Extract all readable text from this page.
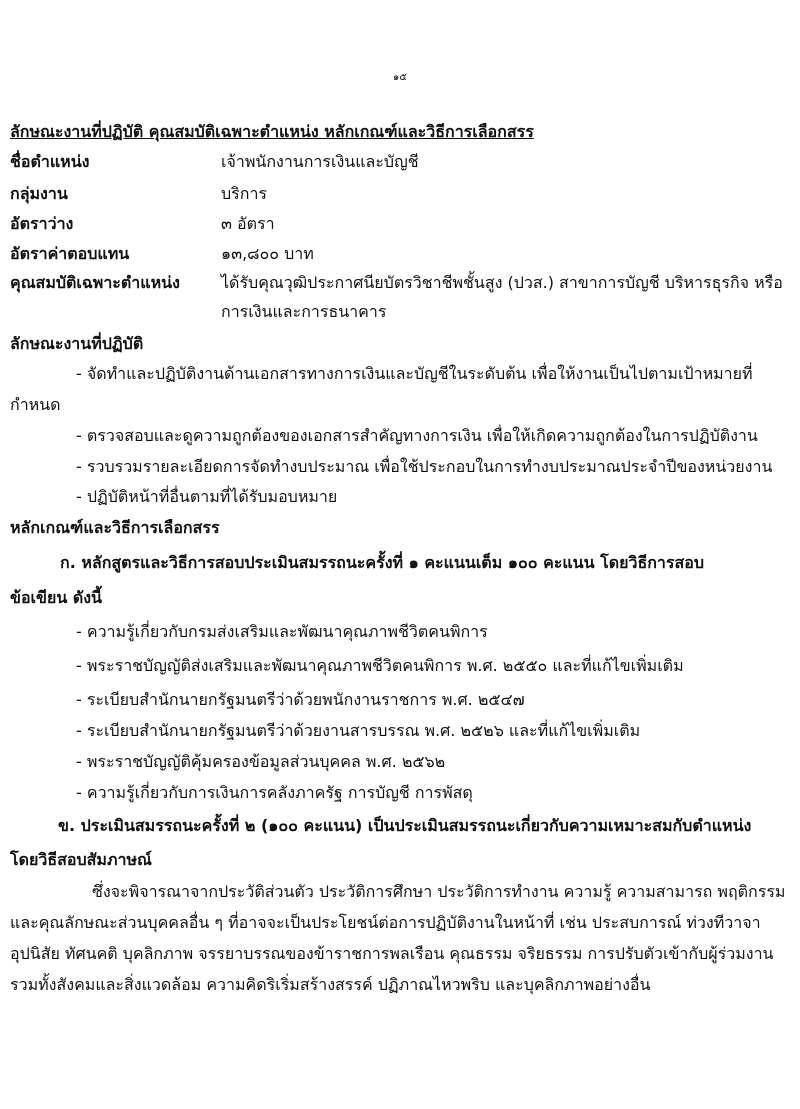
๑๕
ลักษณะงานที่ปฏิบัติ คุณสมบัติเฉพาะตำแหน่ง หลักเกณฑ์และวิธีการเลือกสรร
ชื่อตำแหน่ง	เจ้าพนักงานการเงินและบัญชี
กลุ่มงาน	บริการ
อัตราว่าง	๓ อัตรา
อัตราค่าตอบแทน	๑๓,๘๐๐ บาท
คุณสมบัติเฉพาะตำแหน่ง	ได้รับคุณวุฒิประกาศนียบัตรวิชาชีพชั้นสูง (ปวส.) สาขาการบัญชี บริหารธุรกิจ หรือ
การเงินและการธนาคาร
ลักษณะงานที่ปฏิบัติ
- จัดทำและปฏิบัติงานด้านเอกสารทางการเงินและบัญชีในระดับต้น เพื่อให้งานเป็นไปตามเป้าหมายที่
กำหนด
- ตรวจสอบและดูความถูกต้องของเอกสารสำคัญทางการเงิน เพื่อให้เกิดความถูกต้องในการปฏิบัติงาน
- รวบรวมรายละเอียดการจัดทำงบประมาณ เพื่อใช้ประกอบในการทำงบประมาณประจำปีของหน่วยงาน
- ปฏิบัติหน้าที่อื่นตามที่ได้รับมอบหมาย
หลักเกณฑ์และวิธีการเลือกสรร
ก. หลักสูตรและวิธีการสอบประเมินสมรรถนะครั้งที่ ๑ คะแนนเต็ม ๑๐๐ คะแนน โดยวิธีการสอบ
ข้อเขียน ดังนี้
- ความรู้เกี่ยวกับกรมส่งเสริมและพัฒนาคุณภาพชีวิตคนพิการ
- พระราชบัญญัติส่งเสริมและพัฒนาคุณภาพชีวิตคนพิการ พ.ศ. ๒๕๕๐ และที่แก้ไขเพิ่มเติม
- ระเบียบสำนักนายกรัฐมนตรีว่าด้วยพนักงานราชการ พ.ศ. ๒๕๔๗
- ระเบียบสำนักนายกรัฐมนตรีว่าด้วยงานสารบรรณ พ.ศ. ๒๕๒๖ และที่แก้ไขเพิ่มเติม
- พระราชบัญญัติคุ้มครองข้อมูลส่วนบุคคล พ.ศ. ๒๕๖๒
- ความรู้เกี่ยวกับการเงินการคลังภาครัฐ การบัญชี การพัสดุ
ข. ประเมินสมรรถนะครั้งที่ ๒ (๑๐๐ คะแนน) เป็นประเมินสมรรถนะเกี่ยวกับความเหมาะสมกับตำแหน่ง
โดยวิธีสอบสัมภาษณ์
ซึ่งจะพิจารณาจากประวัติส่วนตัว ประวัติการศึกษา ประวัติการทำงาน ความรู้ ความสามารถ พฤติกรรม
และคุณลักษณะส่วนบุคคลอื่น ๆ ที่อาจจะเป็นประโยชน์ต่อการปฏิบัติงานในหน้าที่ เช่น ประสบการณ์ ท่วงทีวาจา
อุปนิสัย ทัศนคติ บุคลิกภาพ จรรยาบรรณของข้าราชการพลเรือน คุณธรรม จริยธรรม การปรับตัวเข้ากับผู้ร่วมงาน
รวมทั้งสังคมและสิ่งแวดล้อม ความคิดริเริ่มสร้างสรรค์ ปฏิภาณไหวพริบ และบุคลิกภาพอย่างอื่น
